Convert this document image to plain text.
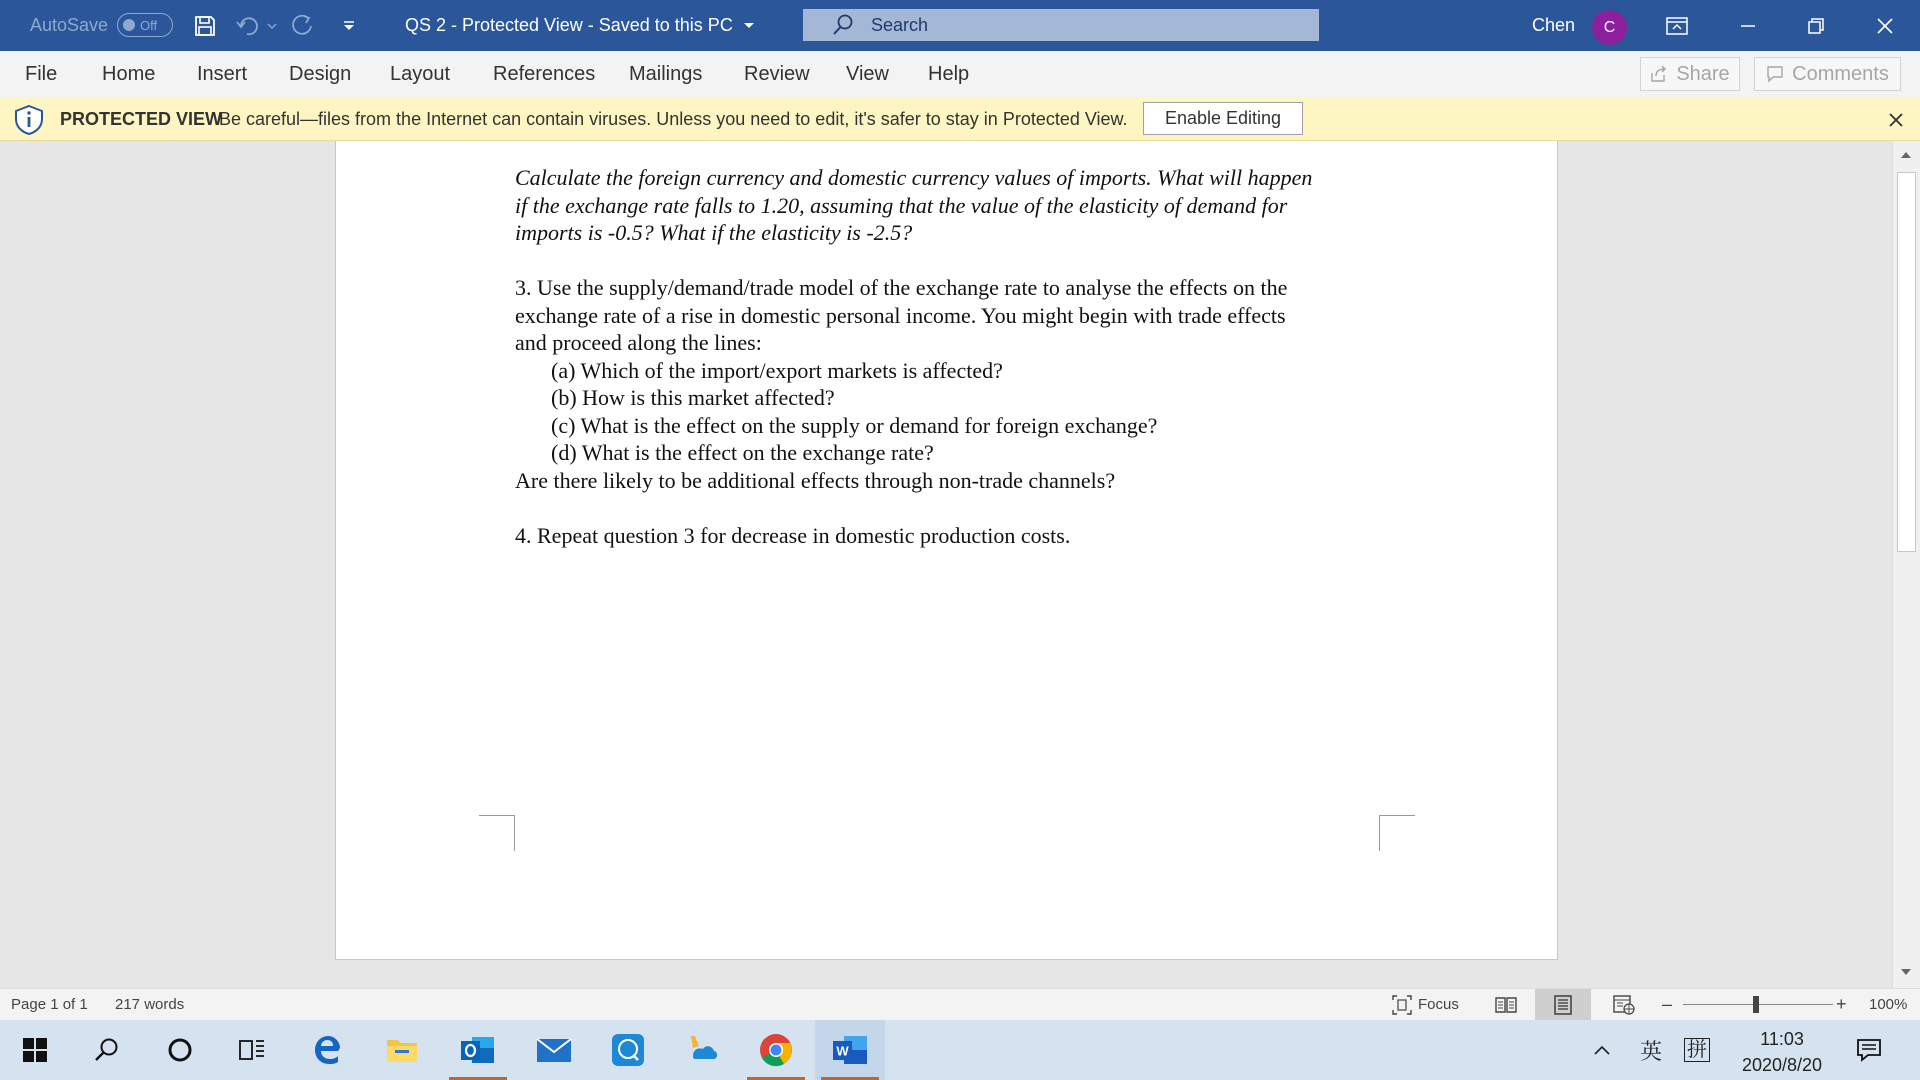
AutoSave Off	QS 2 - Protected View - Saved to this PC
Search	Chen	C
File Home Insert Design Layout References Mailings Review View Help	Share	Comments
PROTECTED VIEW
Be careful—files from the Internet can contain viruses. Unless you need to edit, it's safer to stay in Protected View.	Enable Editing

Calculate the foreign currency and domestic currency values of imports. What will happen

if the exchange rate falls to 1.20, assuming that the value of the elasticity of demand for

imports is -0.5? What if the elasticity is -2.5?

3. Use the supply/demand/trade model of the exchange rate to analyse the effects on the

exchange rate of a rise in domestic personal income. You might begin with trade effects

and proceed along the lines:

(a) Which of the import/export markets is affected?

(b) How is this market affected?

(c) What is the effect on the supply or demand for foreign exchange?

(d) What is the effect on the exchange rate?

Are there likely to be additional effects through non-trade channels?

4. Repeat question 3 for decrease in domestic production costs.

Page 1 of 1 217 words	Focus	–	+ 100%
W	英 拼	11:03
2020/8/20
